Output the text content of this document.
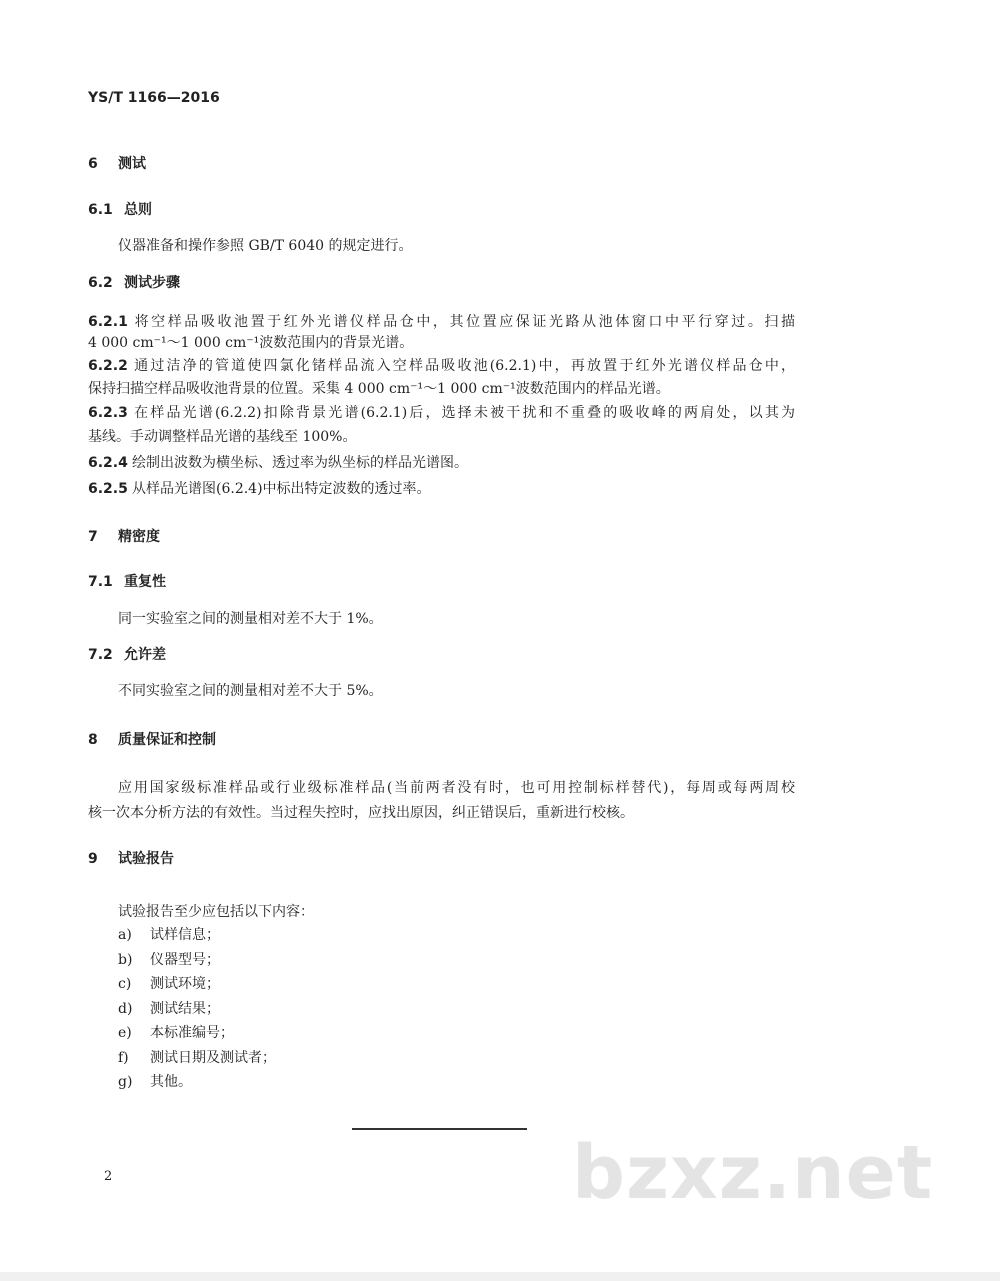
YS/T 1166—2016
6 测试
6.1 总则
仪器准备和操作参照 GB/T 6040 的规定进行。
6.2 测试步骤
6.2.1 将空样品吸收池置于红外光谱仪样品仓中，其位置应保证光路从池体窗口中平行穿过。扫描
4 000 cm⁻¹～1 000 cm⁻¹波数范围内的背景光谱。
6.2.2 通过洁净的管道使四氯化锗样品流入空样品吸收池(6.2.1)中，再放置于红外光谱仪样品仓中，
保持扫描空样品吸收池背景的位置。采集 4 000 cm⁻¹～1 000 cm⁻¹波数范围内的样品光谱。
6.2.3 在样品光谱(6.2.2)扣除背景光谱(6.2.1)后，选择未被干扰和不重叠的吸收峰的两肩处，以其为
基线。手动调整样品光谱的基线至 100%。
6.2.4 绘制出波数为横坐标、透过率为纵坐标的样品光谱图。
6.2.5 从样品光谱图(6.2.4)中标出特定波数的透过率。
7 精密度
7.1 重复性
同一实验室之间的测量相对差不大于 1%。
7.2 允许差
不同实验室之间的测量相对差不大于 5%。
8 质量保证和控制
应用国家级标准样品或行业级标准样品(当前两者没有时，也可用控制标样替代)，每周或每两周校
核一次本分析方法的有效性。当过程失控时，应找出原因，纠正错误后，重新进行校核。
9 试验报告
试验报告至少应包括以下内容：
a) 试样信息；
b) 仪器型号；
c) 测试环境；
d) 测试结果；
e) 本标准编号；
f) 测试日期及测试者；
g) 其他。
2	bzxz.net
